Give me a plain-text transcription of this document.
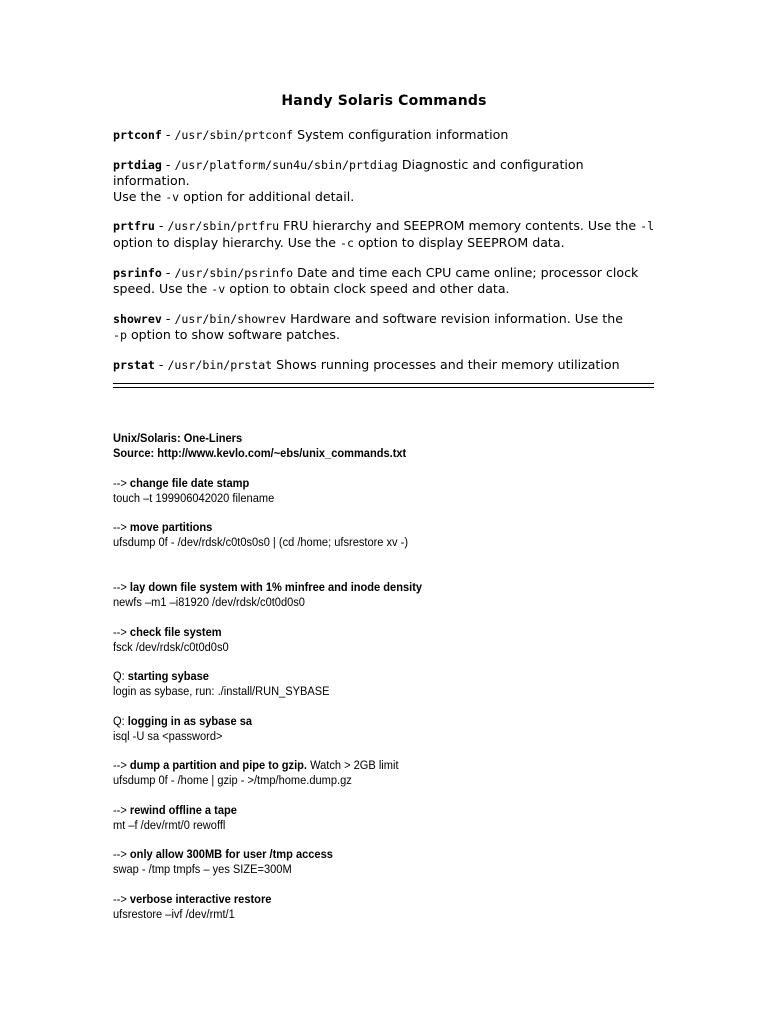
Handy Solaris Commands
prtconf - /usr/sbin/prtconf System configuration information
prtdiag - /usr/platform/sun4u/sbin/prtdiag Diagnostic and configuration information.
Use the -v option for additional detail.
prtfru - /usr/sbin/prtfru FRU hierarchy and SEEPROM memory contents. Use the -l option to display hierarchy. Use the -c option to display SEEPROM data.
psrinfo - /usr/sbin/psrinfo Date and time each CPU came online; processor clock speed. Use the -v option to obtain clock speed and other data.
showrev - /usr/bin/showrev Hardware and software revision information. Use the
-p option to show software patches.
prstat - /usr/bin/prstat Shows running processes and their memory utilization
Unix/Solaris: One-Liners
Source: http://www.kevlo.com/~ebs/unix_commands.txt
--> change file date stamp
touch –t 199906042020 filename
--> move partitions
ufsdump 0f - /dev/rdsk/c0t0s0s0 | (cd /home; ufsrestore xv -)
--> lay down file system with 1% minfree and inode density
newfs –m1 –i81920 /dev/rdsk/c0t0d0s0
--> check file system
fsck /dev/rdsk/c0t0d0s0
Q: starting sybase
login as sybase, run: ./install/RUN_SYBASE
Q: logging in as sybase sa
isql -U sa <password>
--> dump a partition and pipe to gzip. Watch > 2GB limit
ufsdump 0f - /home | gzip - >/tmp/home.dump.gz
--> rewind offline a tape
mt –f /dev/rmt/0 rewoffl
--> only allow 300MB for user /tmp access
swap - /tmp tmpfs – yes SIZE=300M
--> verbose interactive restore
ufsrestore –ivf /dev/rmt/1
